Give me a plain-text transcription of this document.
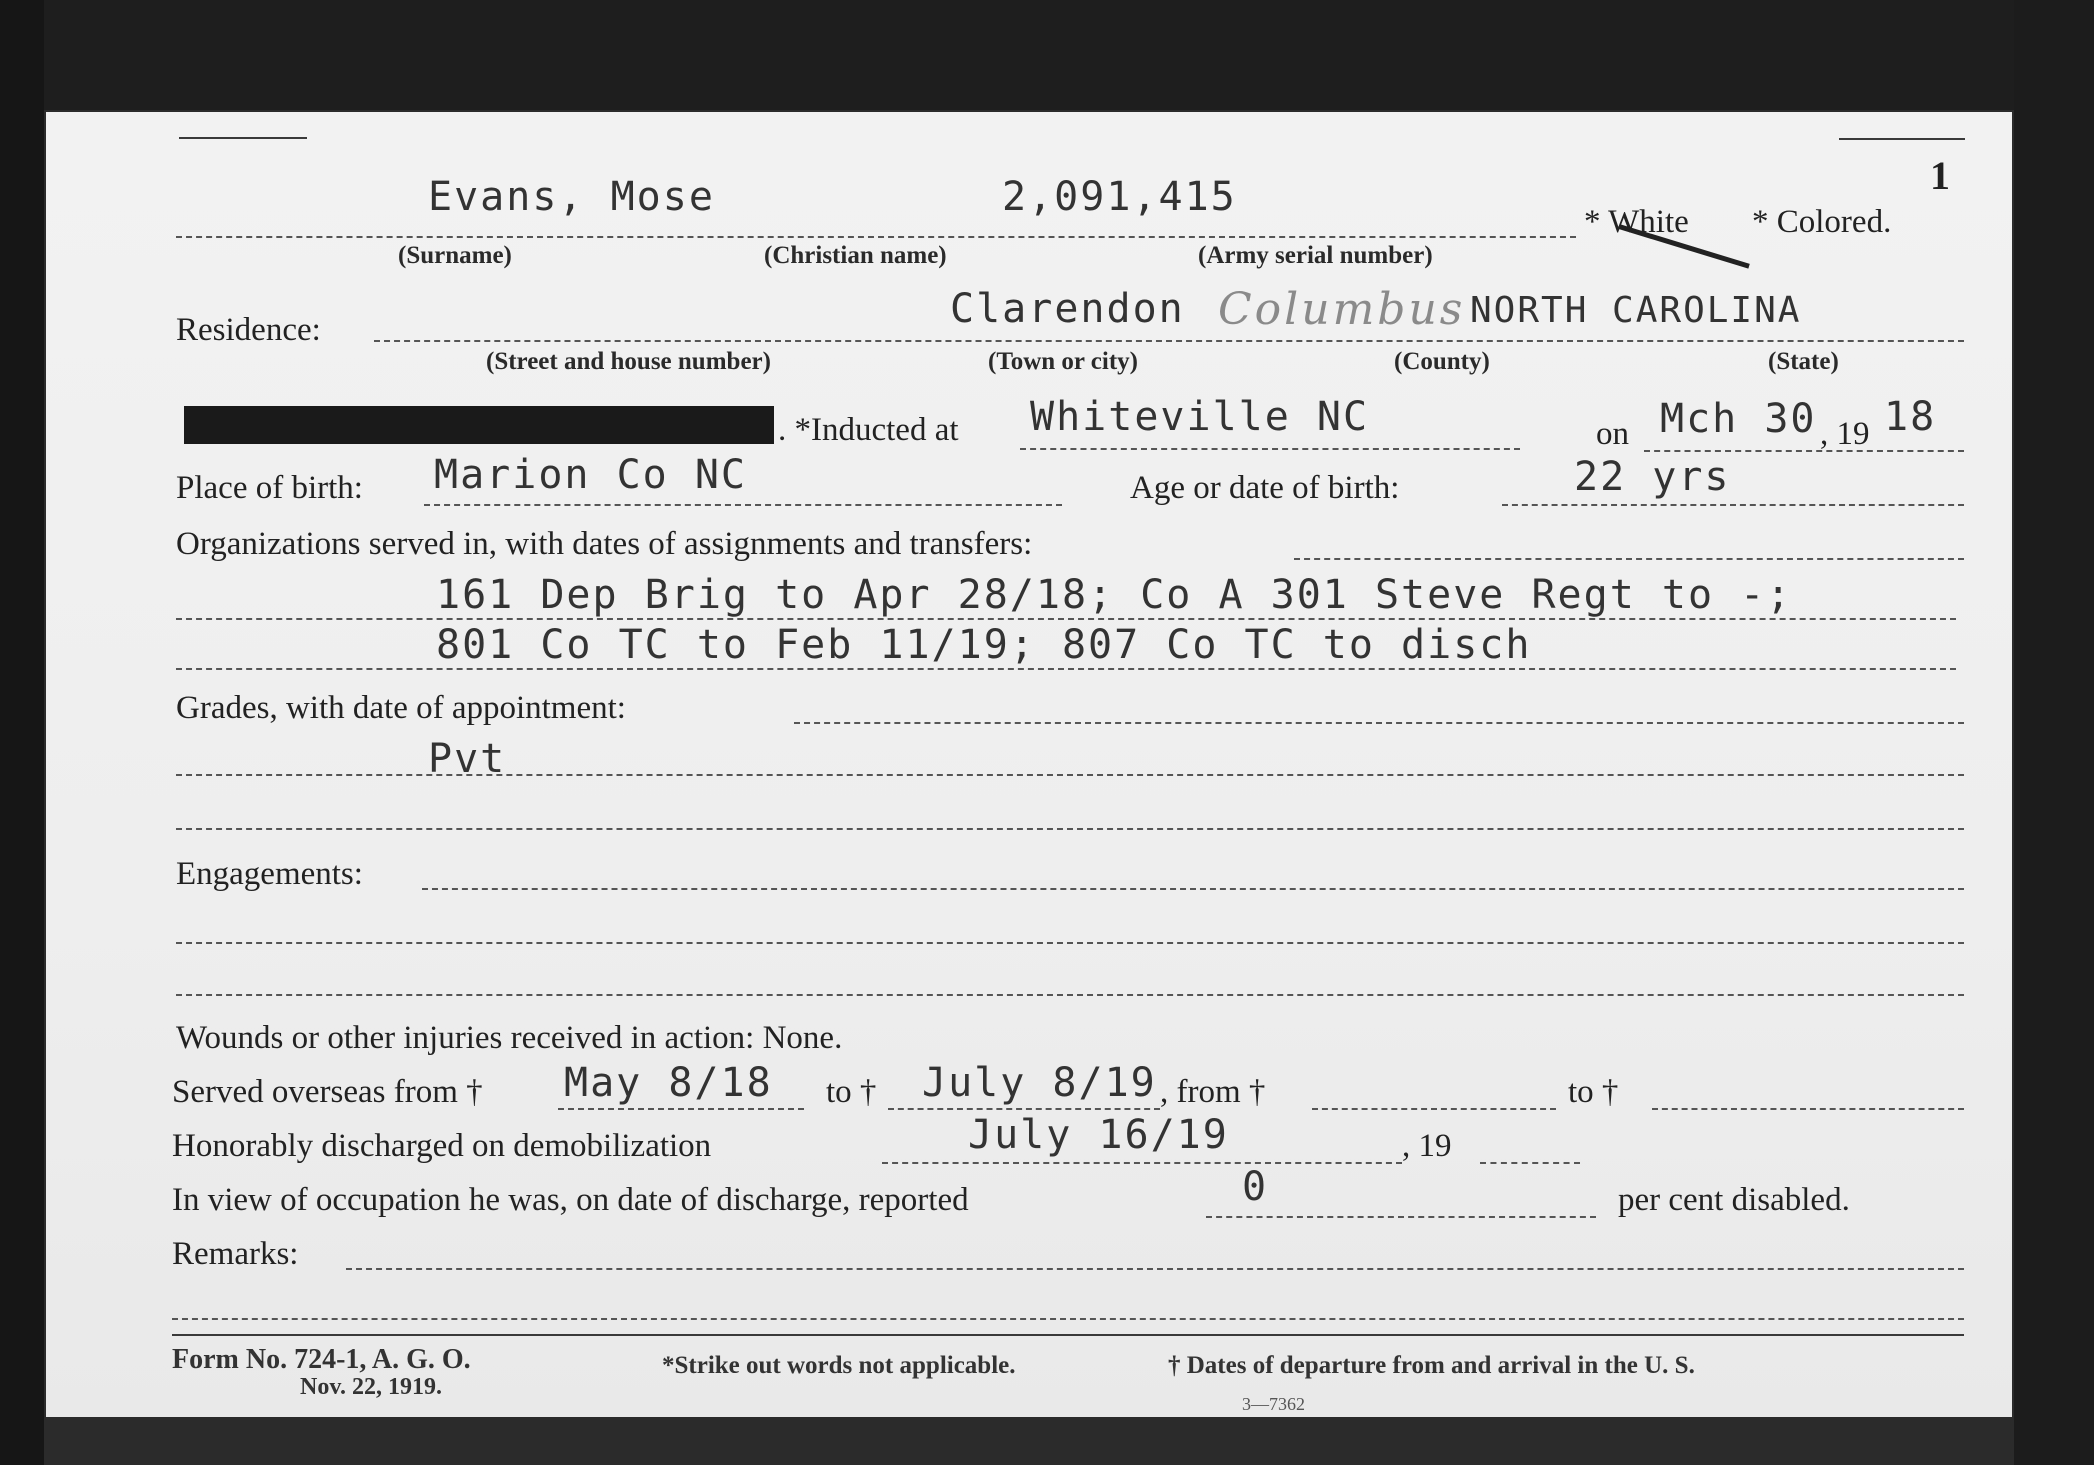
1
Evans, Mose	2,091,415
* White * Colored.
(Surname)	(Christian name)	(Army serial number)
Residence:	Clarendon Columbus NORTH CAROLINA
(Street and house number)	(Town or city)	(County)	(State)
. *Inducted at Whiteville NC	on Mch 30 , 19 18
Place of birth: Marion Co NC	Age or date of birth:	22 yrs
Organizations served in, with dates of assignments and transfers:
161 Dep Brig to Apr 28/18; Co A 301 Steve Regt to -;
801 Co TC to Feb 11/19; 807 Co TC to disch
Grades, with date of appointment:
Pvt
Engagements:
Wounds or other injuries received in action: None.
Served overseas from † May 8/18 to † July 8/19 , from †	to †
Honorably discharged on demobilization	July 16/19	, 19
In view of occupation he was, on date of discharge, reported	0	per cent disabled.
Remarks:
Form No. 724-1, A. G. O.
Nov. 22, 1919.
*Strike out words not applicable.	† Dates of departure from and arrival in the U. S.
3—7362
